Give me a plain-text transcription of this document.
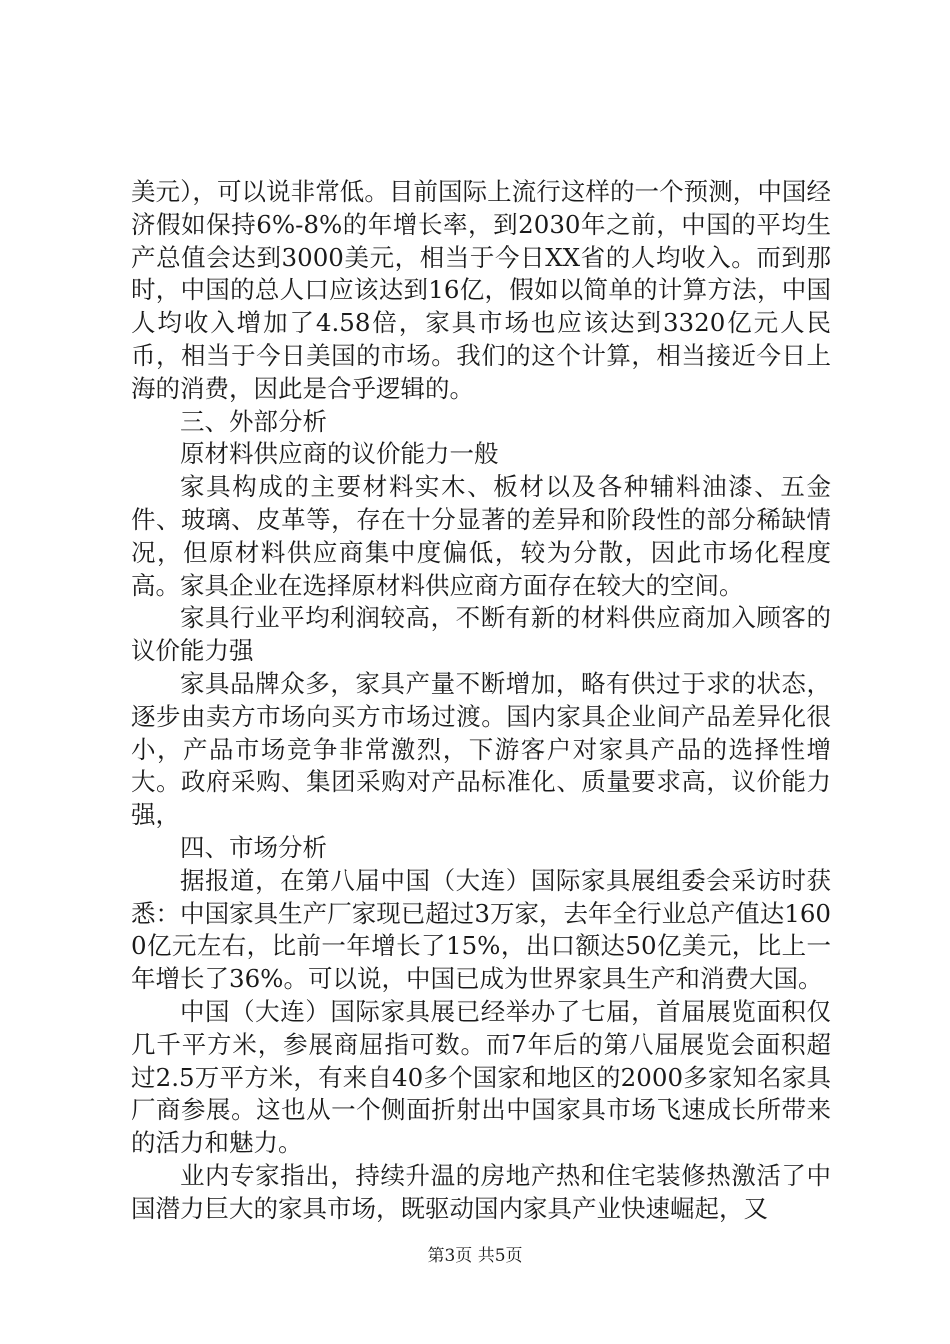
美元），可以说非常低。目前国际上流行这样的一个预测，中国经济假如保持6%-8%的年增长率，到2030年之前，中国的平均生产总值会达到3000美元，相当于今日XX省的人均收入。而到那时，中国的总人口应该达到16亿，假如以简单的计算方法，中国人均收入增加了4.58倍，家具市场也应该达到3320亿元人民币，相当于今日美国的市场。我们的这个计算，相当接近今日上海的消费，因此是合乎逻辑的。

三、外部分析

原材料供应商的议价能力一般

家具构成的主要材料实木、板材以及各种辅料油漆、五金件、玻璃、皮革等，存在十分显著的差异和阶段性的部分稀缺情况，但原材料供应商集中度偏低，较为分散，因此市场化程度高。家具企业在选择原材料供应商方面存在较大的空间。

家具行业平均利润较高，不断有新的材料供应商加入顾客的议价能力强

家具品牌众多，家具产量不断增加，略有供过于求的状态，逐步由卖方市场向买方市场过渡。国内家具企业间产品差异化很小，产品市场竞争非常激烈，下游客户对家具产品的选择性增大。政府采购、集团采购对产品标准化、质量要求高，议价能力强，

四、市场分析

据报道，在第八届中国（大连）国际家具展组委会采访时获悉：中国家具生产厂家现已超过3万家，去年全行业总产值达1600亿元左右，比前一年增长了15%，出口额达50亿美元，比上一年增长了36%。可以说，中国已成为世界家具生产和消费大国。

中国（大连）国际家具展已经举办了七届，首届展览面积仅几千平方米，参展商屈指可数。而7年后的第八届展览会面积超过2.5万平方米，有来自40多个国家和地区的2000多家知名家具厂商参展。这也从一个侧面折射出中国家具市场飞速成长所带来的活力和魅力。

业内专家指出，持续升温的房地产热和住宅装修热激活了中国潜力巨大的家具市场，既驱动国内家具产业快速崛起，又

第3页 共5页
